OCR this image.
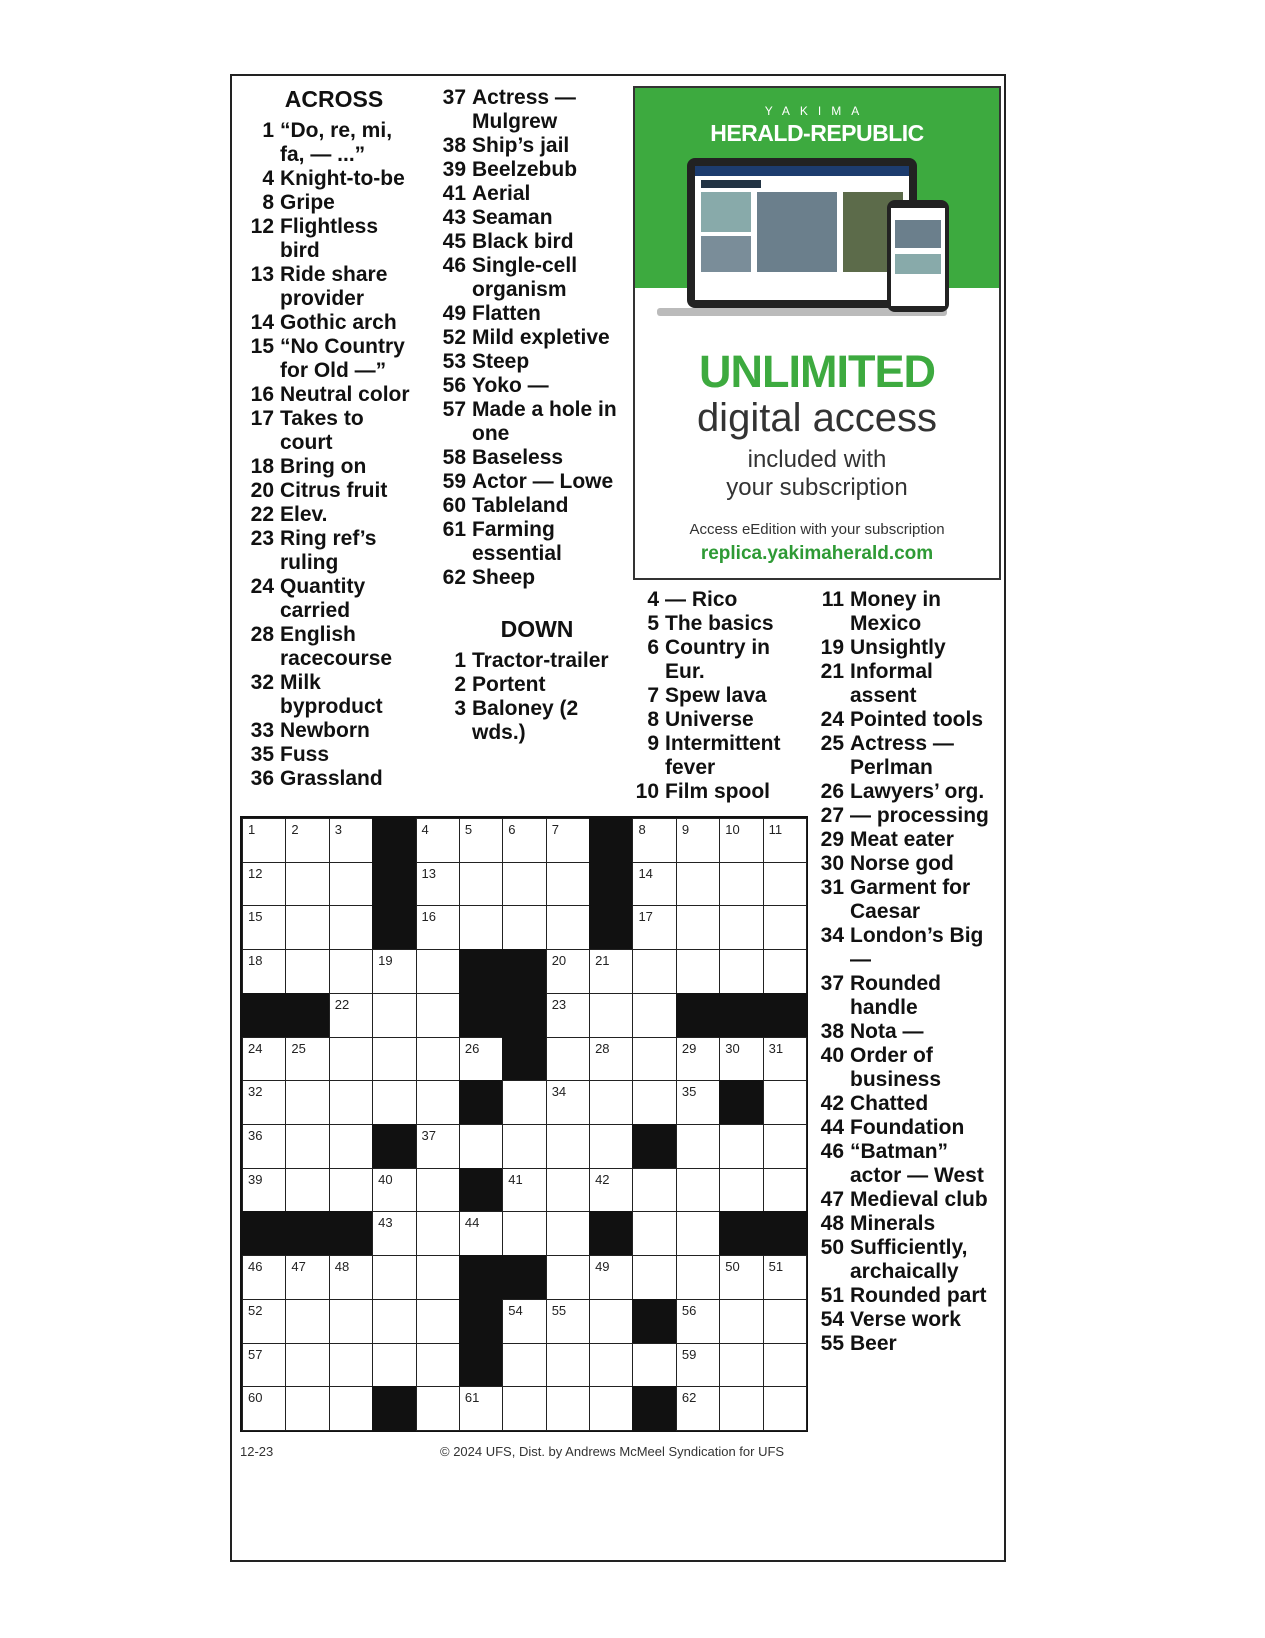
ACROSS
1 “Do, re, mi, fa, — ...”
4 Knight-to-be
8 Gripe
12 Flightless bird
13 Ride share provider
14 Gothic arch
15 “No Country for Old —”
16 Neutral color
17 Takes to court
18 Bring on
20 Citrus fruit
22 Elev.
23 Ring ref’s ruling
24 Quantity carried
28 English racecourse
32 Milk byproduct
33 Newborn
35 Fuss
36 Grassland
37 Actress — Mulgrew
38 Ship’s jail
39 Beelzebub
41 Aerial
43 Seaman
45 Black bird
46 Single-cell organism
49 Flatten
52 Mild expletive
53 Steep
56 Yoko —
57 Made a hole in one
58 Baseless
59 Actor — Lowe
60 Tableland
61 Farming essential
62 Sheep
DOWN
1 Tractor-trailer
2 Portent
3 Baloney (2 wds.)
4 — Rico
5 The basics
6 Country in Eur.
7 Spew lava
8 Universe
9 Intermittent fever
10 Film spool
11 Money in Mexico
19 Unsightly
21 Informal assent
24 Pointed tools
25 Actress — Perlman
26 Lawyers’ org.
27 — processing
29 Meat eater
30 Norse god
31 Garment for Caesar
34 London’s Big —
37 Rounded handle
38 Nota —
40 Order of business
42 Chatted
44 Foundation
46 “Batman” actor — West
47 Medieval club
48 Minerals
50 Sufficiently, archaically
51 Rounded part
54 Verse work
55 Beer
YAKIMA
HERALD-REPUBLIC
UNLIMITED
digital access
included with
your subscription
Access eEdition with your subscription
replica.yakimaherald.com
1	2	3	4	5	6	7	8	9	10 11
12	13	14
15	16	17
18	19	20 21
22	23
24 25	26	28	29 30 31
32	34	35
36	37
39	40	41	42
43	44
46 47 48	49	50 51
52	54 55	56
57	59
60	61	62
12-23	© 2024 UFS, Dist. by Andrews McMeel Syndication for UFS
